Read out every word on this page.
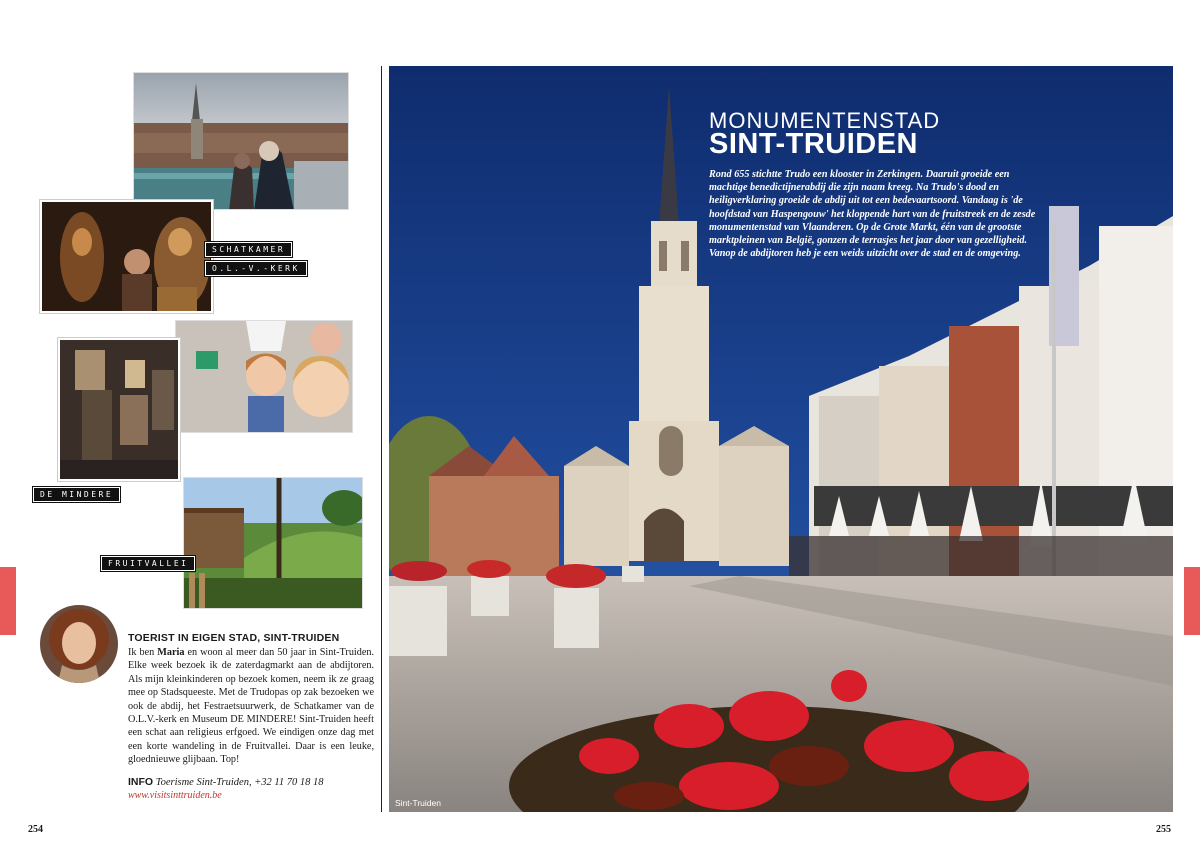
SCHATKAMER
O.L.-V.-KERK
DE MINDERE
FRUITVALLEI
TOERIST IN EIGEN STAD, SINT-TRUIDEN
Ik ben Maria en woon al meer dan 50 jaar in Sint-Truiden. Elke week bezoek ik de zaterdagmarkt aan de abdijtoren. Als mijn kleinkinderen op bezoek komen, neem ik ze graag mee op Stadsqueeste. Met de Trudopas op zak bezoeken we ook de abdij, het Festraetsuurwerk, de Schatkamer van de O.L.V.-kerk en Museum DE MINDERE! Sint-Truiden heeft een schat aan religieus erfgoed. We eindigen onze dag met een korte wandeling in de Fruitvallei. Daar is een leuke, gloednieuwe glijbaan. Top!
INFO Toerisme Sint-Truiden, +32 11 70 18 18
www.visitsinttruiden.be
254
MONUMENTENSTAD
SINT-TRUIDEN
Rond 655 stichtte Trudo een klooster in Zerkingen. Daaruit groeide een machtige benedictijnerabdij die zijn naam kreeg. Na Trudo's dood en heiligverklaring groeide de abdij uit tot een bedevaartsoord. Vandaag is 'de hoofdstad van Haspengouw' het kloppende hart van de fruitstreek en de zesde monumentenstad van Vlaanderen. Op de Grote Markt, één van de grootste marktpleinen van België, gonzen de terrasjes het jaar door van gezelligheid. Vanop de abdijtoren heb je een weids uitzicht over de stad en de omgeving.
Sint-Truiden
255
